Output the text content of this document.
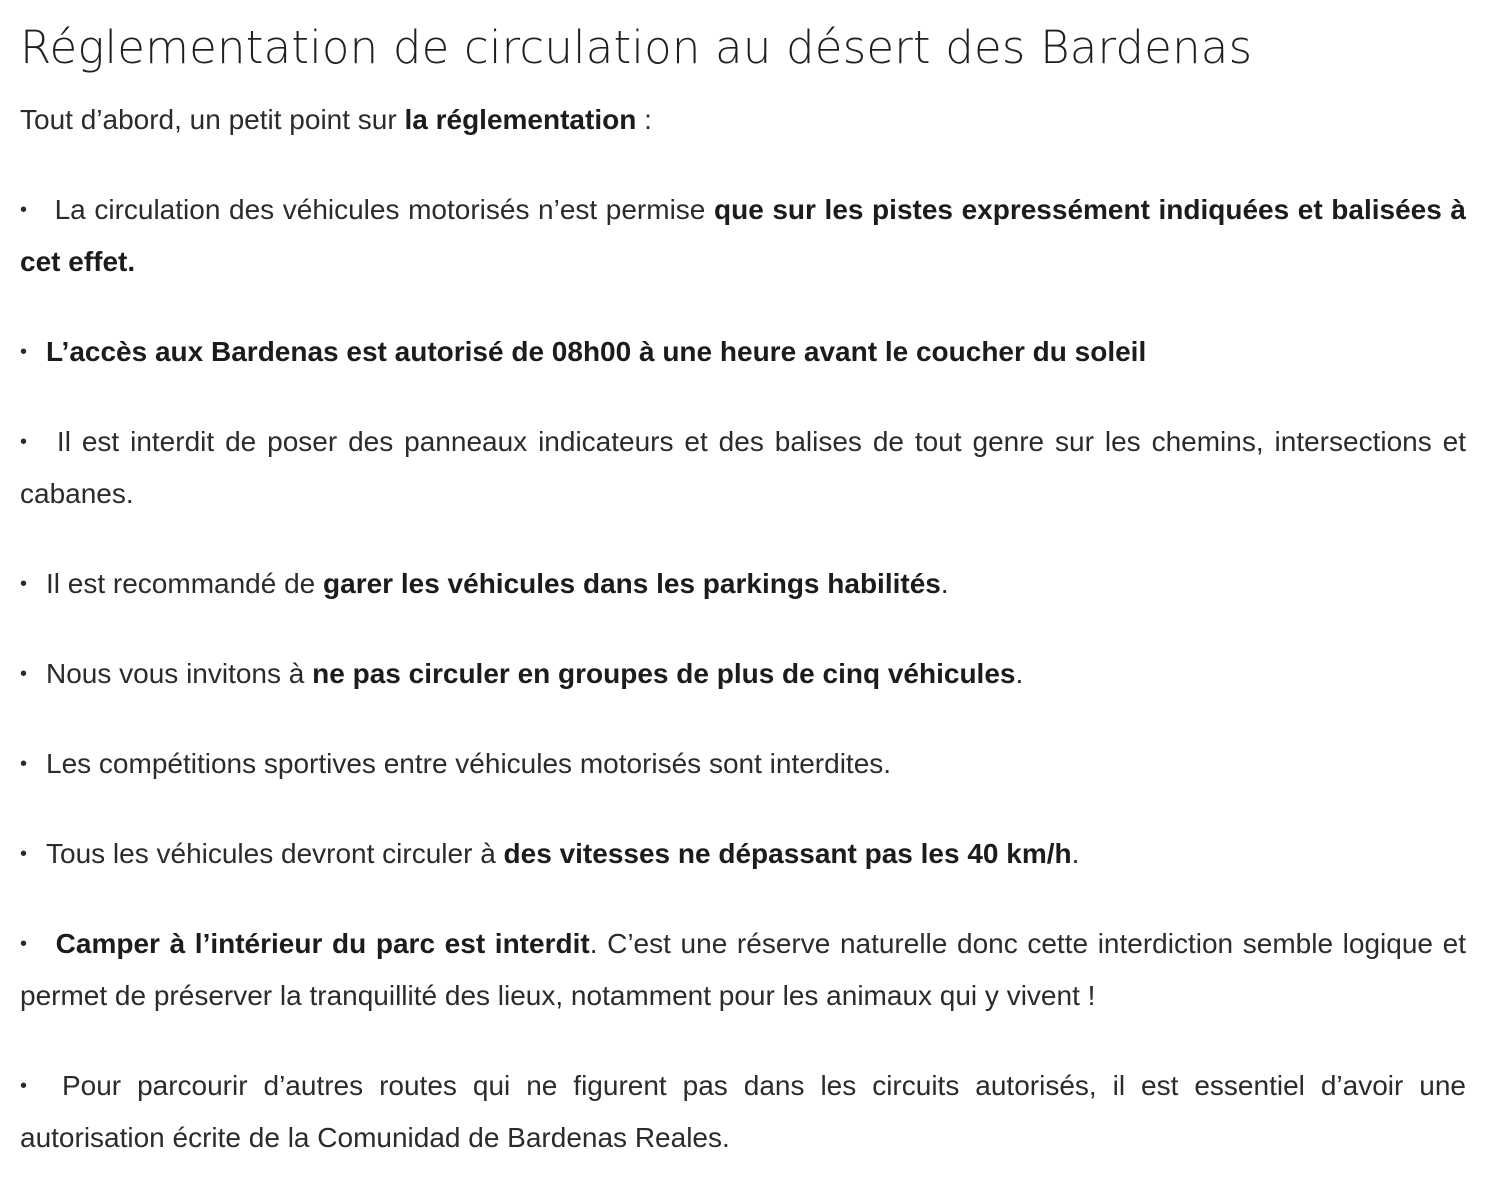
Réglementation de circulation au désert des Bardenas

Tout d’abord, un petit point sur la réglementation :

• La circulation des véhicules motorisés n’est permise que sur les pistes expressément indiquées et balisées à cet effet.

• L’accès aux Bardenas est autorisé de 08h00 à une heure avant le coucher du soleil

• Il est interdit de poser des panneaux indicateurs et des balises de tout genre sur les chemins, intersections et cabanes.

• Il est recommandé de garer les véhicules dans les parkings habilités.

• Nous vous invitons à ne pas circuler en groupes de plus de cinq véhicules.

• Les compétitions sportives entre véhicules motorisés sont interdites.

• Tous les véhicules devront circuler à des vitesses ne dépassant pas les 40 km/h.

• Camper à l’intérieur du parc est interdit. C’est une réserve naturelle donc cette interdiction semble logique et permet de préserver la tranquillité des lieux, notamment pour les animaux qui y vivent !

• Pour parcourir d’autres routes qui ne figurent pas dans les circuits autorisés, il est essentiel d’avoir une autorisation écrite de la Comunidad de Bardenas Reales.
